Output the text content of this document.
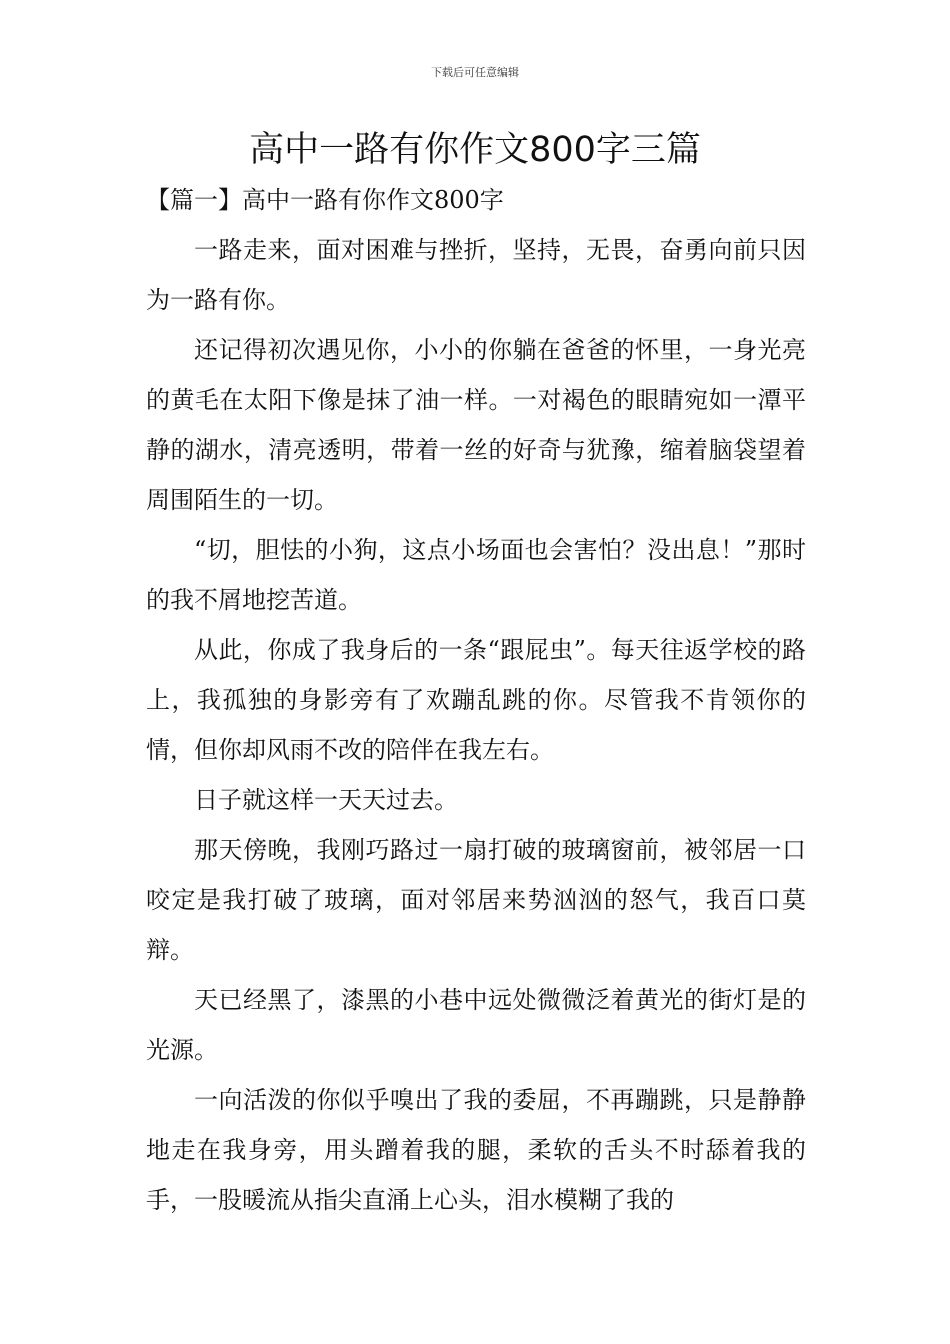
下载后可任意编辑
高中一路有你作文800字三篇
【篇一】高中一路有你作文800字

一路走来，面对困难与挫折，坚持，无畏，奋勇向前只因为一路有你。

还记得初次遇见你，小小的你躺在爸爸的怀里，一身光亮的黄毛在太阳下像是抹了油一样。一对褐色的眼睛宛如一潭平静的湖水，清亮透明，带着一丝的好奇与犹豫，缩着脑袋望着周围陌生的一切。

“切，胆怯的小狗，这点小场面也会害怕？没出息！”那时的我不屑地挖苦道。

从此，你成了我身后的一条“跟屁虫”。每天往返学校的路上，我孤独的身影旁有了欢蹦乱跳的你。尽管我不肯领你的情，但你却风雨不改的陪伴在我左右。

日子就这样一天天过去。

那天傍晚，我刚巧路过一扇打破的玻璃窗前，被邻居一口咬定是我打破了玻璃，面对邻居来势汹汹的怒气，我百口莫辩。

天已经黑了，漆黑的小巷中远处微微泛着黄光的街灯是的光源。

一向活泼的你似乎嗅出了我的委屈，不再蹦跳，只是静静地走在我身旁，用头蹭着我的腿，柔软的舌头不时舔着我的手，一股暖流从指尖直涌上心头，泪水模糊了我的
